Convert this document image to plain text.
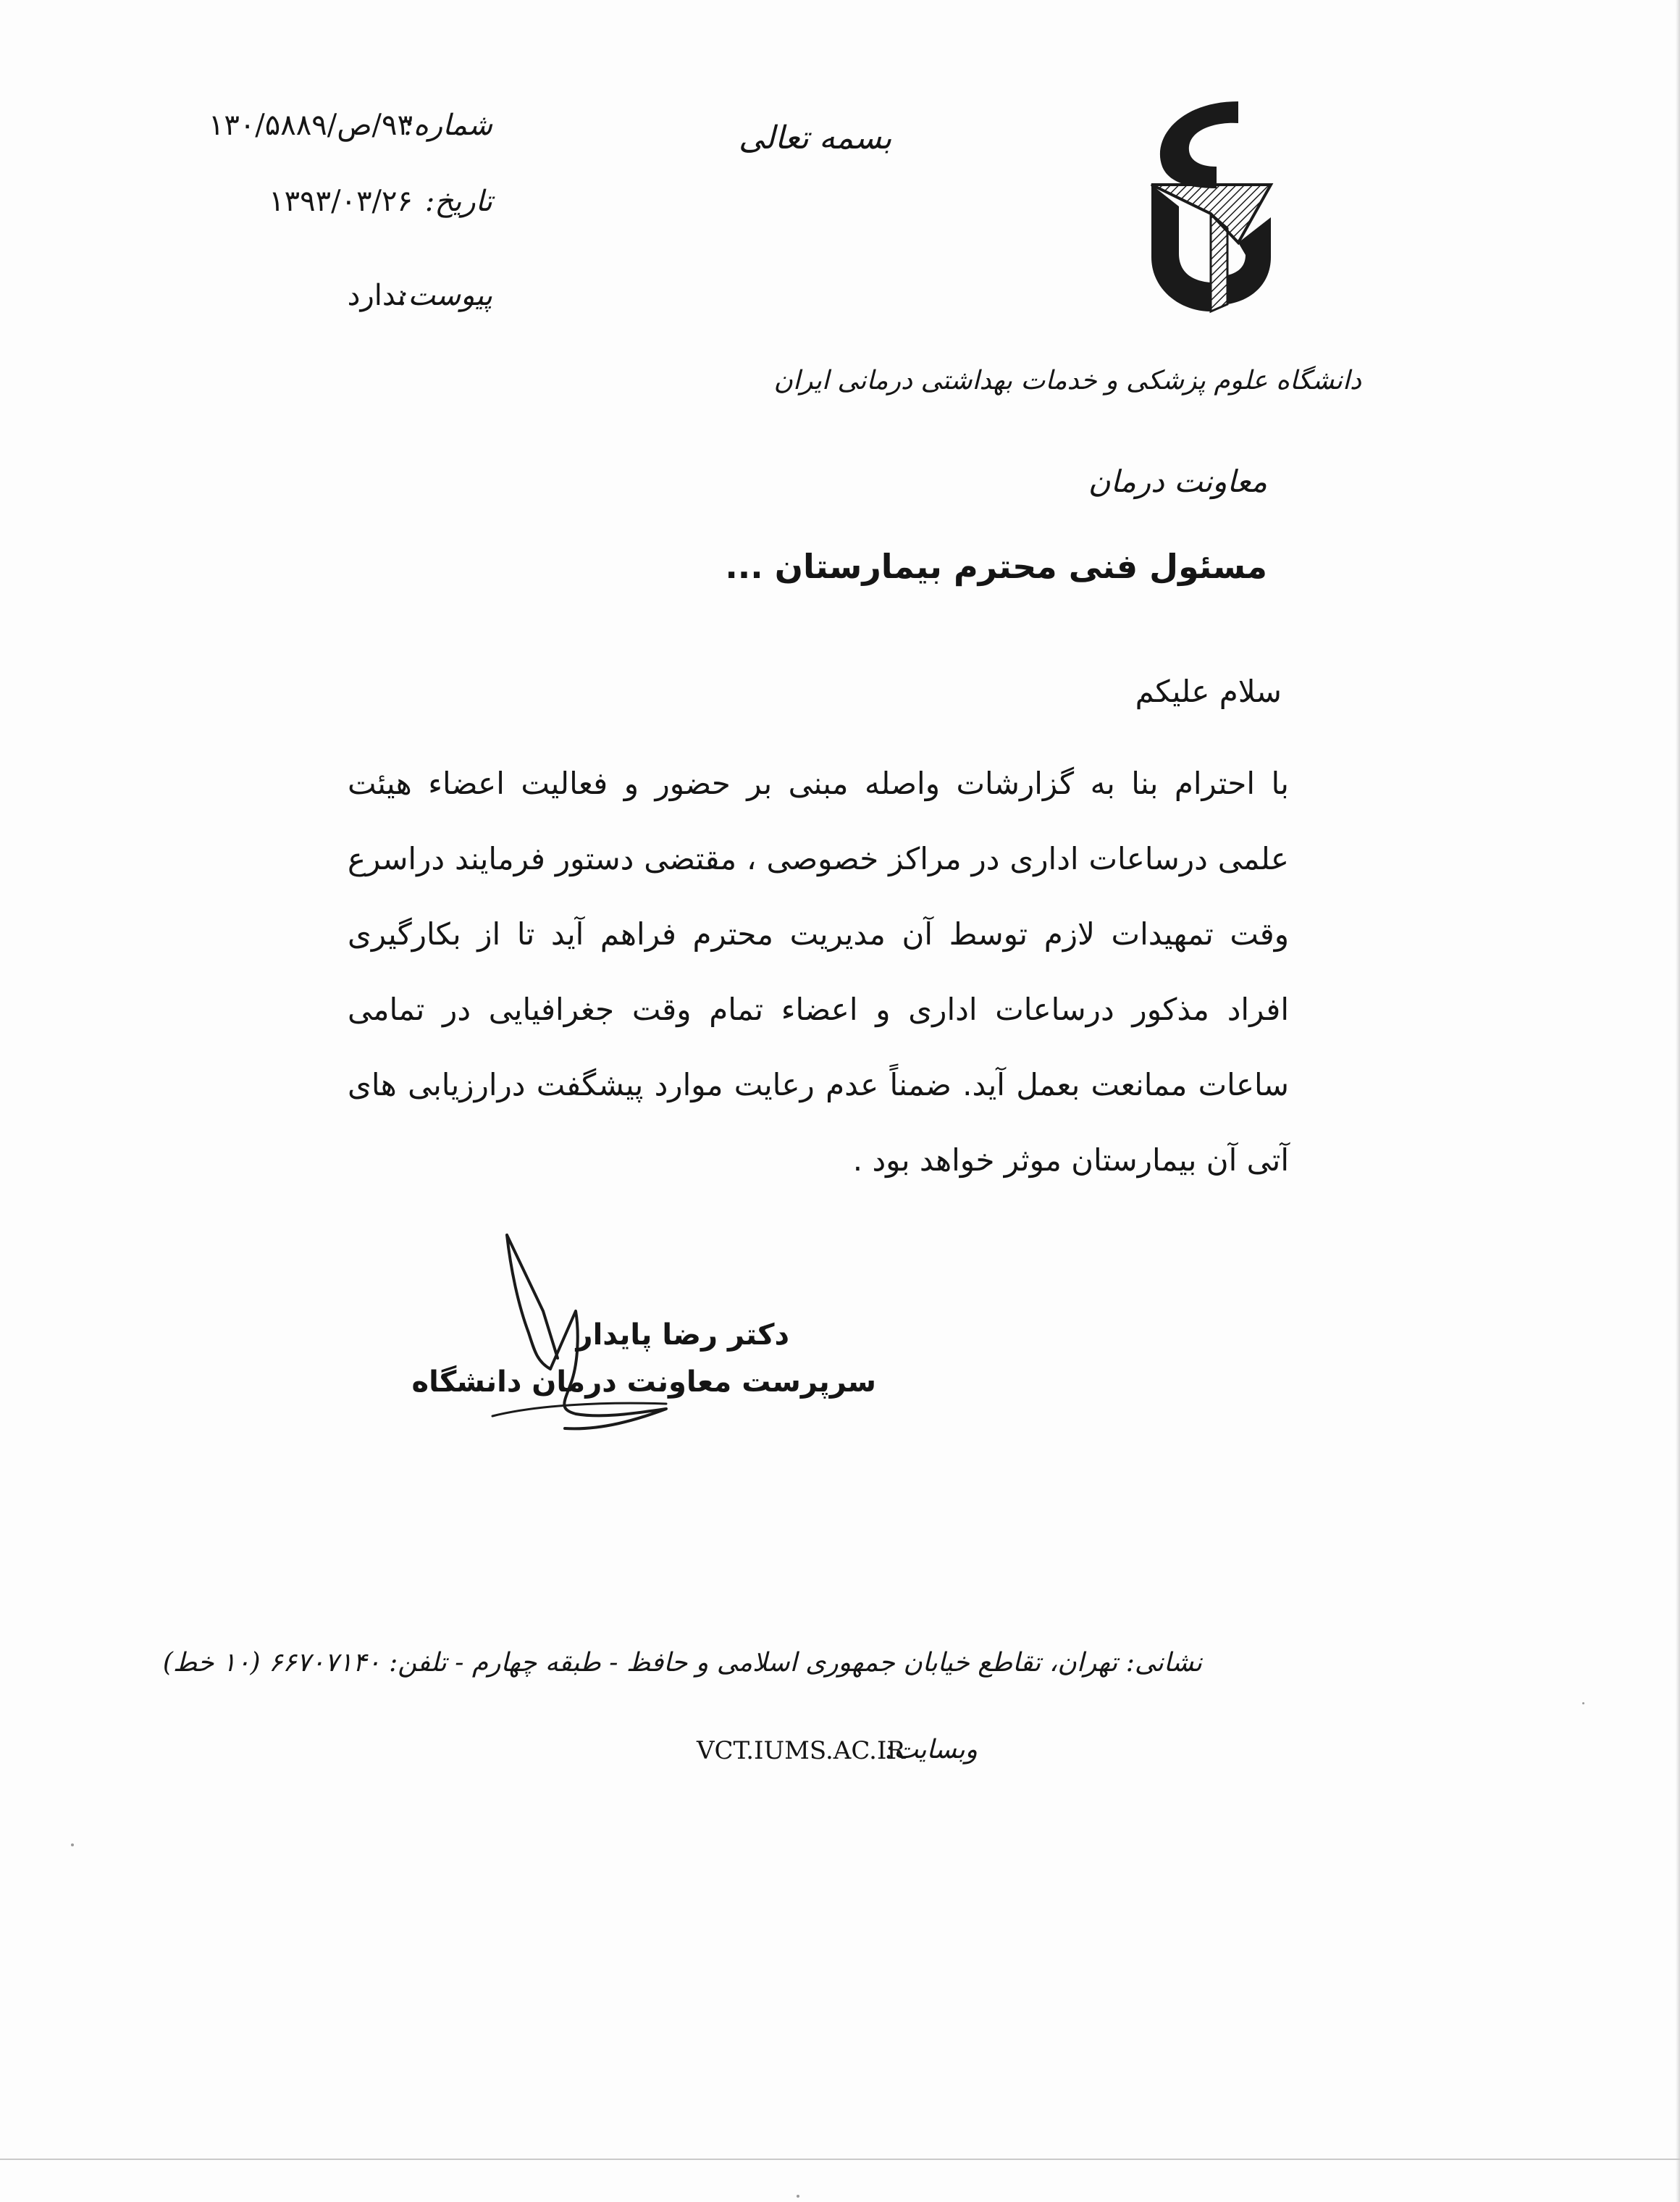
شماره:
۹۳/ص/۱۳۰/۵۸۸۹
تاریخ:
۱۳۹۳/۰۳/۲۶
پیوست:
ندارد
بسمه تعالی
دانشگاه علوم پزشکی و خدمات بهداشتی درمانی ایران
معاونت درمان
مسئول فنی محترم بیمارستان ...
سلام علیکم
با احترام بنا به گزارشات واصله مبنی بر حضور و فعالیت اعضاء هیئت
علمی درساعات اداری در مراکز خصوصی ، مقتضی دستور فرمایند دراسرع
وقت تمهیدات لازم توسط آن مدیریت محترم فراهم آید تا از بکارگیری
افراد مذکور درساعات اداری و اعضاء تمام وقت جغرافیایی در تمامی
ساعات ممانعت بعمل آید. ضمناً عدم رعایت موارد پیشگفت درارزیابی های
آتی آن بیمارستان موثر خواهد بود .
دکتر رضا پایدار
سرپرست معاونت درمان دانشگاه
نشانی: تهران، تقاطع خیابان جمهوری اسلامی و حافظ - طبقه چهارم - تلفن: ۶۶۷۰۷۱۴۰ (۱۰ خط)
وبسایت:
VCT.IUMS.AC.IR
